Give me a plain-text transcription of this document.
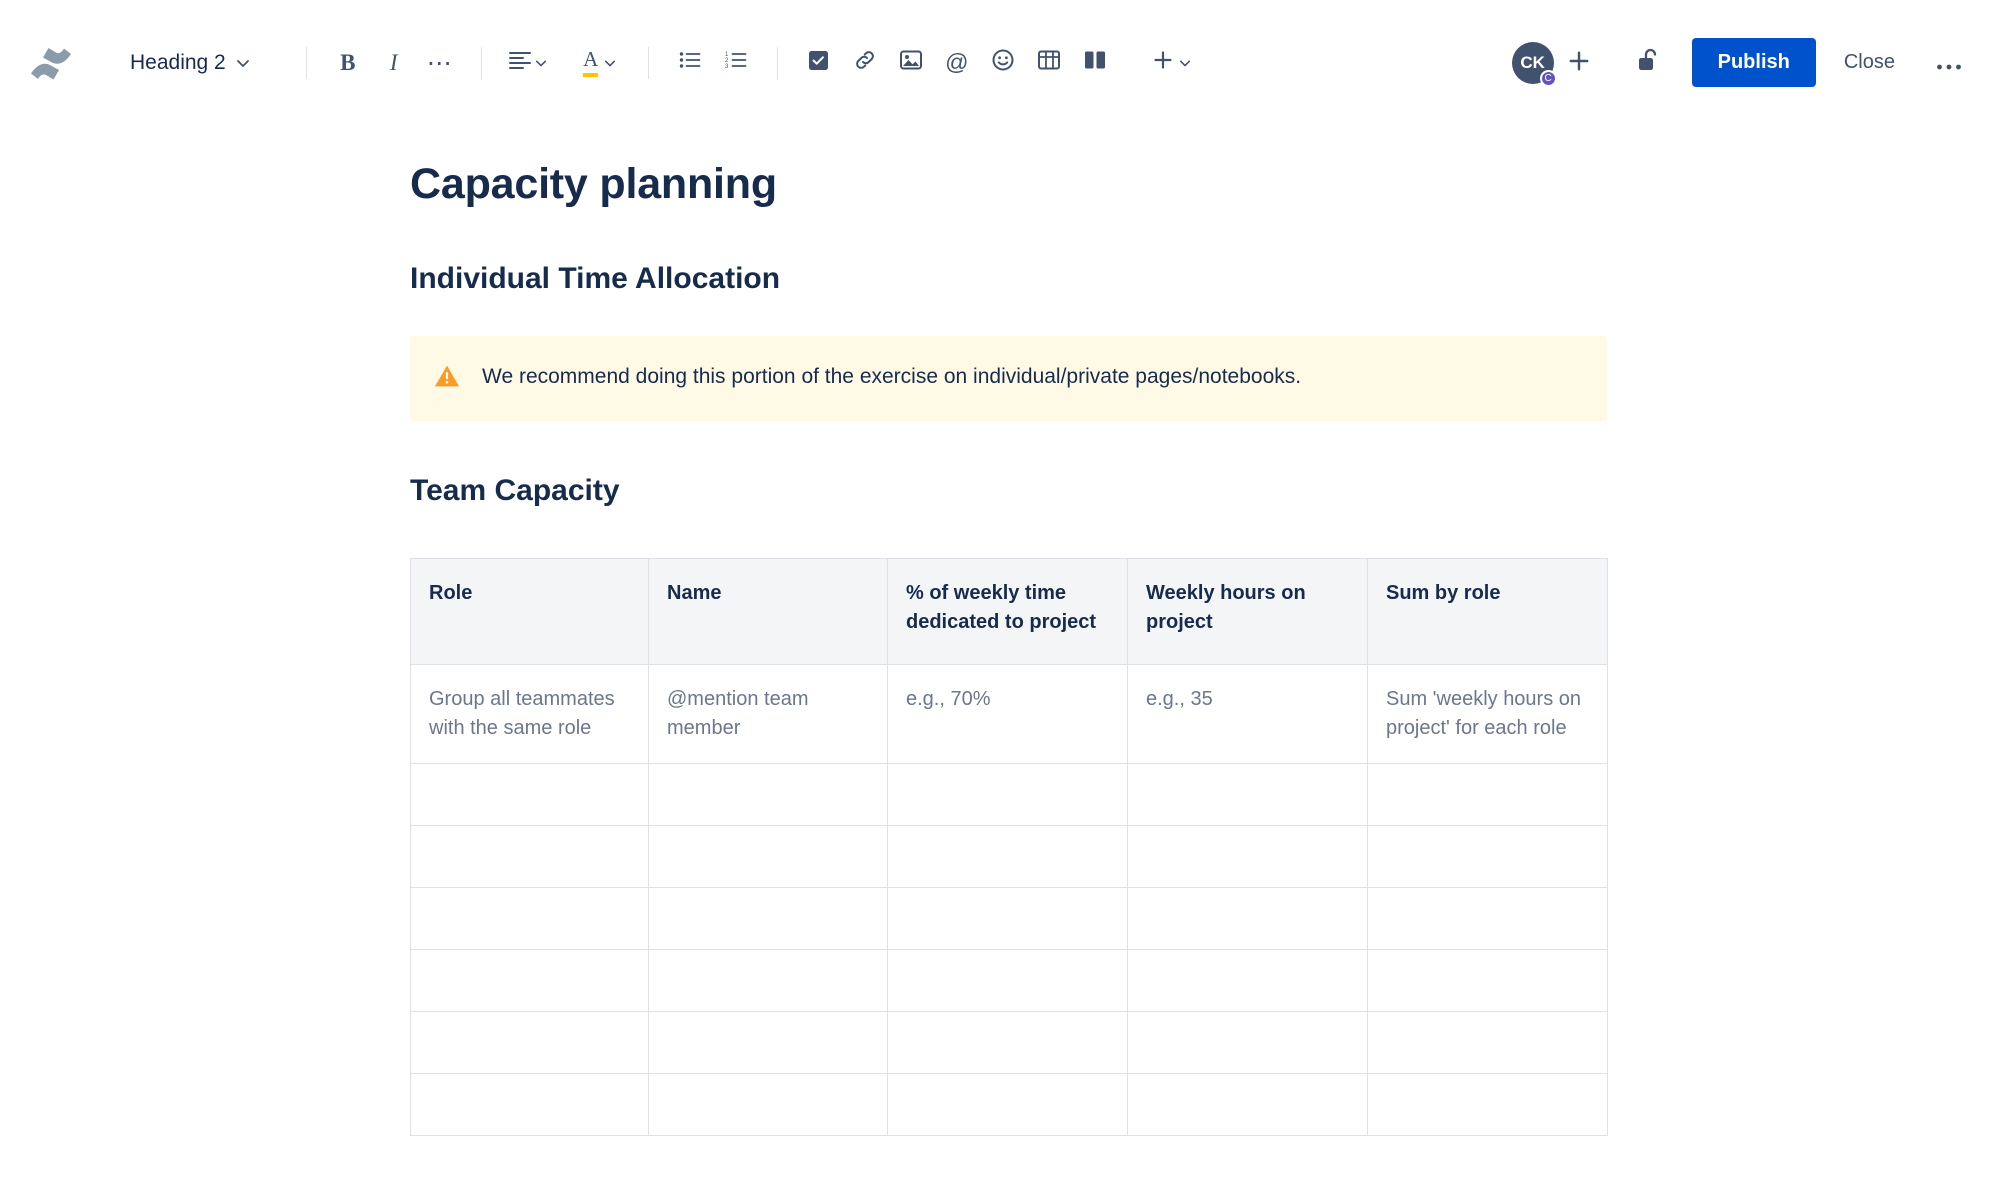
Heading 2	B I ⋯	A	1
2
3	@	CK
C
Publish	Close
Capacity planning
Individual Time Allocation
We recommend doing this portion of the exercise on individual/private pages/notebooks.
Team Capacity
Role	Name	% of weekly time dedicated to project	Weekly hours on project	Sum by role
Group all teammates with the same role	@mention team member	e.g., 70%	e.g., 35	Sum 'weekly hours on project' for each role
